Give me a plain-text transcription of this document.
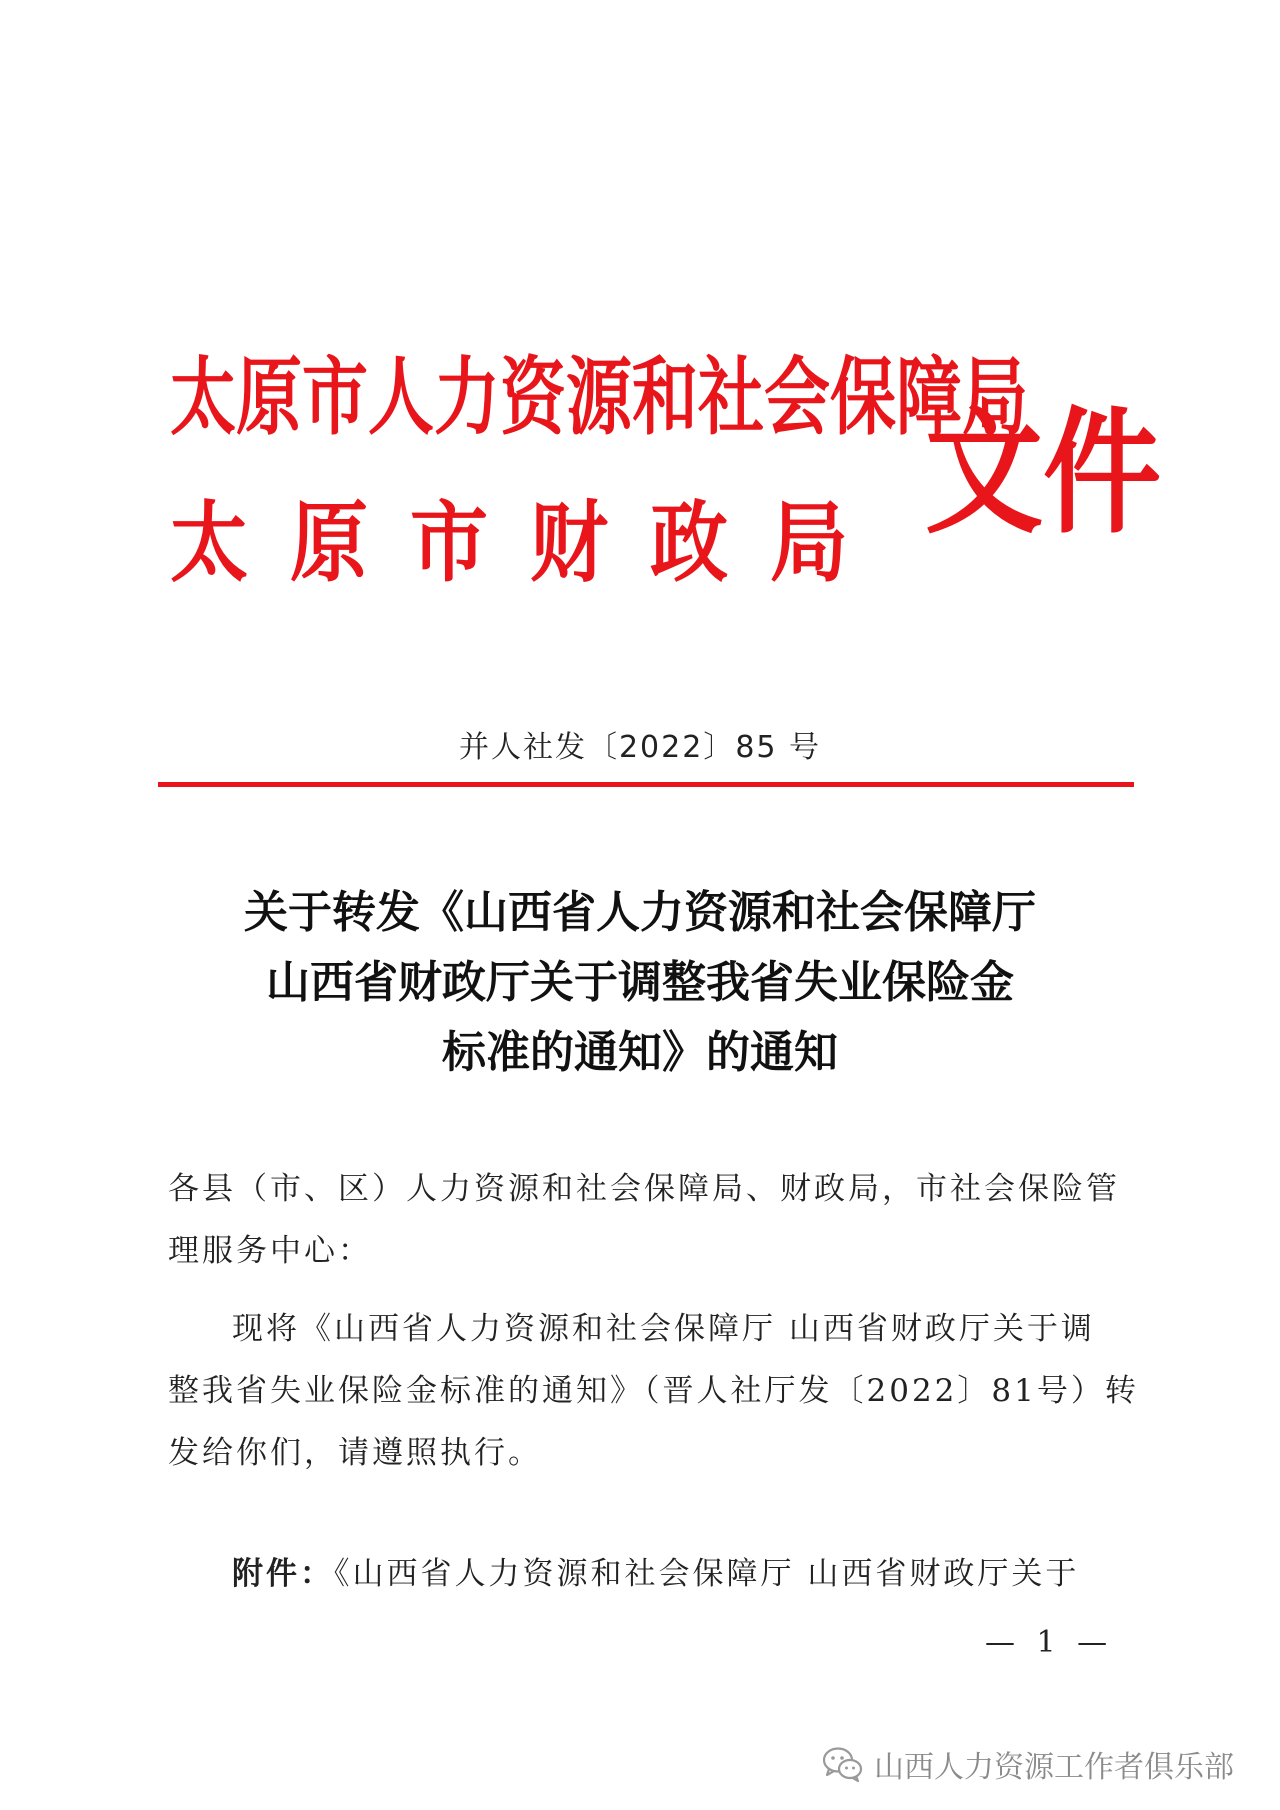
太原市人力资源和社会保障局
太原市财政局 文件
并人社发〔2022〕85 号
关于转发《山西省人力资源和社会保障厅
山西省财政厅关于调整我省失业保险金
标准的通知》的通知
各县（市、区）人力资源和社会保障局、财政局，市社会保险管
理服务中心：
现将《山西省人力资源和社会保障厅 山西省财政厅关于调
整我省失业保险金标准的通知》（晋人社厅发〔2022〕81号）转
发给你们，请遵照执行。
附件：《山西省人力资源和社会保障厅 山西省财政厅关于
— 1 —
山西人力资源工作者俱乐部
